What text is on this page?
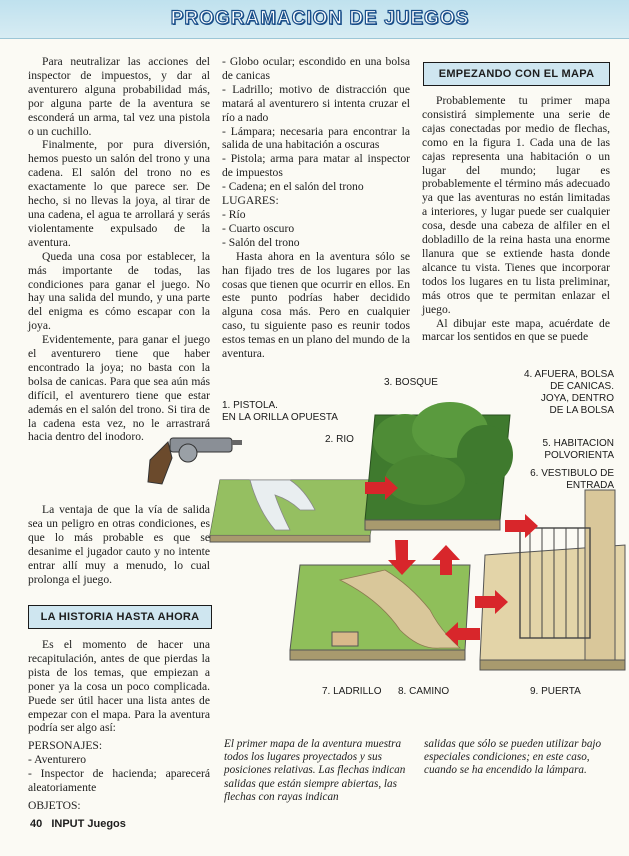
PROGRAMACION DE JUEGOS

Para neutralizar las acciones del inspector de impuestos, y dar al aventurero alguna probabilidad más, por alguna parte de la aventura se esconderá un arma, tal vez una pistola o un cuchillo.

Finalmente, por pura diversión, hemos puesto un salón del trono y una cadena. El salón del trono no es exactamente lo que parece ser. De hecho, si no llevas la joya, al tirar de una cadena, el agua te arrollará y serás violentamente expulsado de la aventura.

Queda una cosa por establecer, la más importante de todas, las condiciones para ganar el juego. No hay una salida del mundo, y una parte del enigma es cómo escapar con la joya.

Evidentemente, para ganar el juego el aventurero tiene que haber encontrado la joya; no basta con la bolsa de canicas. Para que sea aún más difícil, el aventurero tiene que estar además en el salón del trono. Si tira de la cadena esta vez, no le arrastrará hacia dentro del inodoro.

La ventaja de que la vía de salida sea un peligro en otras condiciones, es que lo más probable es que se desanime el jugador cauto y no intente entrar allí muy a menudo, lo cual prolonga el juego.

LA HISTORIA HASTA AHORA

Es el momento de hacer una recapitulación, antes de que pierdas la pista de los temas, que empiezan a poner ya la cosa un poco complicada. Puede ser útil hacer una lista antes de empezar con el mapa. Para la aventura podría ser algo así:

PERSONAJES:

- Aventurero

- Inspector de hacienda; aparecerá aleatoriamente

OBJETOS:

- Globo ocular; escondido en una bolsa de canicas

- Ladrillo; motivo de distracción que matará al aventurero si intenta cruzar el río a nado

- Lámpara; necesaria para encontrar la salida de una habitación a oscuras

- Pistola; arma para matar al inspector de impuestos

- Cadena; en el salón del trono

LUGARES:

- Río

- Cuarto oscuro

- Salón del trono

Hasta ahora en la aventura sólo se han fijado tres de los lugares por las cosas que tienen que ocurrir en ellos. En este punto podrías haber decidido alguna cosa más. Pero en cualquier caso, tu siguiente paso es reunir todos estos temas en un plano del mundo de la aventura.

EMPEZANDO CON EL MAPA

Probablemente tu primer mapa consistirá simplemente una serie de cajas conectadas por medio de flechas, como en la figura 1. Cada una de las cajas representa una habitación o un lugar del mundo; lugar es probablemente el término más adecuado ya que las aventuras no están limitadas a interiores, y lugar puede ser cualquier cosa, desde una cabeza de alfiler en el dobladillo de la reina hasta una enorme llanura que se extiende hasta donde alcance tu vista. Tienes que incorporar todos los lugares en tu lista preliminar, más otros que te permitan enlazar el juego.

Al dibujar este mapa, acuérdate de marcar los sentidos en que se puede

1. PISTOLA.
EN LA ORILLA OPUESTA
2. RIO
3. BOSQUE
4. AFUERA, BOLSA
DE CANICAS.
JOYA, DENTRO
DE LA BOLSA
5. HABITACION
POLVORIENTA
6. VESTIBULO DE
ENTRADA
7. LADRILLO 8. CAMINO	9. PUERTA
El primer mapa de la aventura muestra todos los lugares proyectados y sus posiciones relativas. Las flechas indican salidas que están siempre abiertas, las flechas con rayas indican
salidas que sólo se pueden utilizar bajo especiales condiciones; en este caso, cuando se ha encendido la lámpara.
40 INPUT Juegos
